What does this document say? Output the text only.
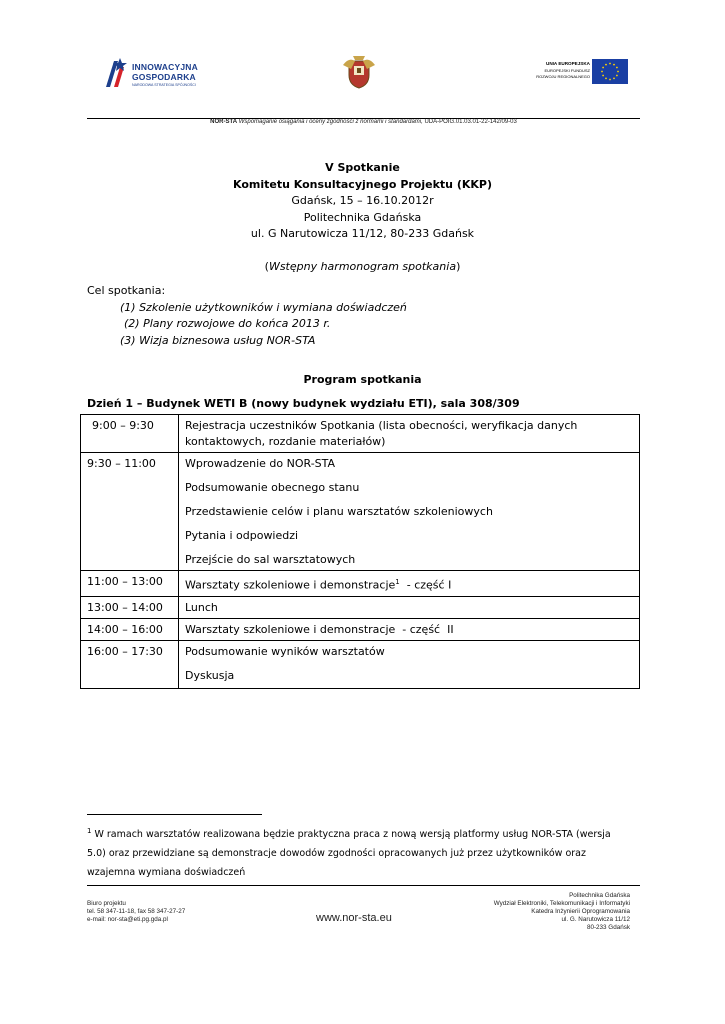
INNOWACYJNA
GOSPODARKA
NARODOWA STRATEGIA SPÓJNOŚCI
UNIA EUROPEJSKA
EUROPEJSKI FUNDUSZ
ROZWOJU REGIONALNEGO
NOR-STA Wspomaganie osiągania i oceny zgodności z normami i standardami, UDA-POIG.01.03.01-22-142/09-03
V Spotkanie
Komitetu Konsultacyjnego Projektu (KKP)
Gdańsk, 15 – 16.10.2012r
Politechnika Gdańska
ul. G Narutowicza 11/12, 80-233 Gdańsk
(Wstępny harmonogram spotkania)
Cel spotkania:
(1) Szkolenie użytkowników i wymiana doświadczeń
(2) Plany rozwojowe do końca 2013 r.
(3) Wizja biznesowa usług NOR-STA
Program spotkania
Dzień 1 – Budynek WETI B (nowy budynek wydziału ETI), sala 308/309
9:00 – 9:30	Rejestracja uczestników Spotkania (lista obecności, weryfikacja danych kontaktowych, rozdanie materiałów)

9:30 – 11:00	Wprowadzenie do NOR-STA

Podsumowanie obecnego stanu

Przedstawienie celów i planu warsztatów szkoleniowych

Pytania i odpowiedzi

Przejście do sal warsztatowych

11:00 – 13:00	Warsztaty szkoleniowe i demonstracje$^1$  - część I

13:00 – 14:00	Lunch

14:00 – 16:00	Warsztaty szkoleniowe i demonstracje  - część  II

16:00 – 17:30	Podsumowanie wyników warsztatów

Dyskusja

$^1$ W ramach warsztatów realizowana będzie praktyczna praca z nową wersją platformy usług NOR-STA (wersja 5.0) oraz przewidziane są demonstracje dowodów zgodności opracowanych już przez użytkowników oraz wzajemna wymiana doświadczeń
Biuro projektu
tel. 58 347-11-18, fax 58 347-27-27
e-mail: nor-sta@eti.pg.gda.pl	www.nor-sta.eu
Politechnika Gdańska
Wydział Elektroniki, Telekomunikacji i Informatyki
Katedra Inżynierii Oprogramowania
ul. G. Narutowicza 11/12
80-233 Gdańsk
